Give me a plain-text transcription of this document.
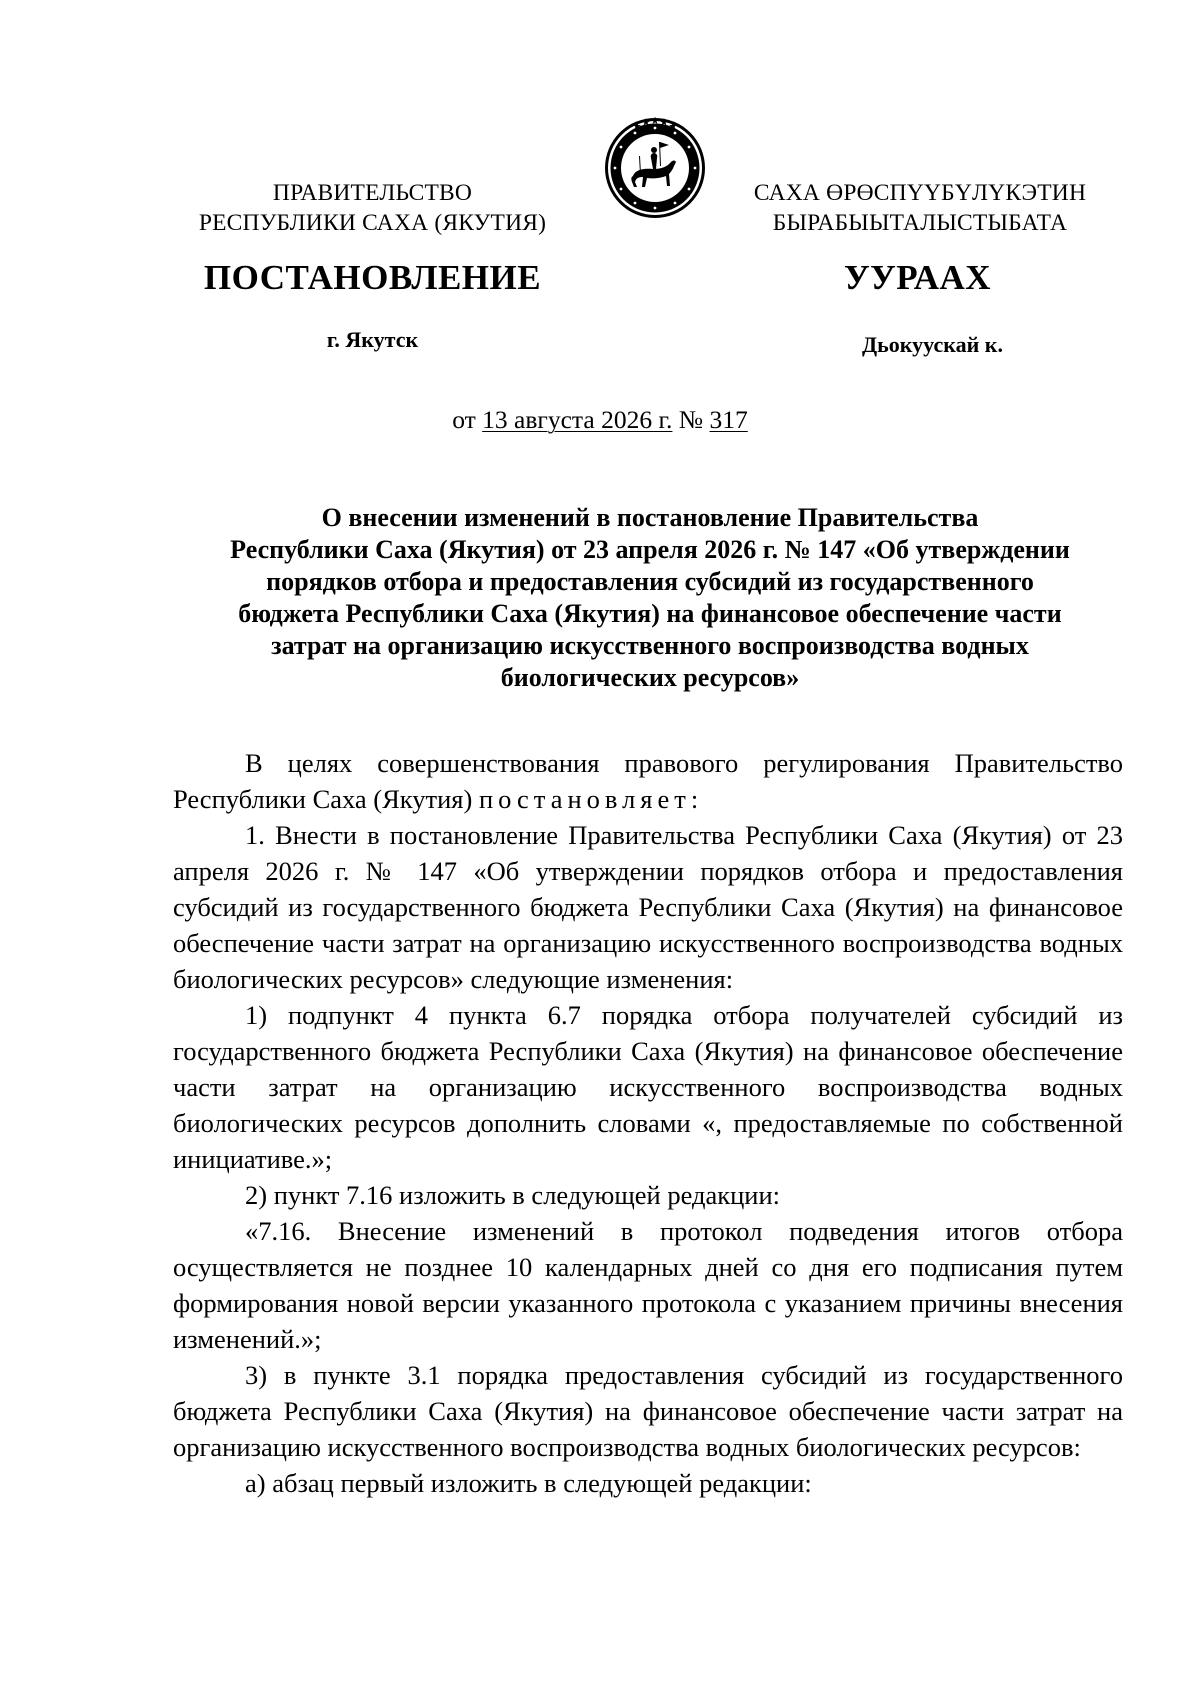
ПРАВИТЕЛЬСТВО
РЕСПУБЛИКИ САХА (ЯКУТИЯ)
САХА ӨРӨСПҮҮБҮЛҮКЭТИН
БЫРАБЫЫТАЛЫСТЫБАТА
ПОСТАНОВЛЕНИЕ	УУРААХ
г. Якутск	Дьокуускай к.
от 13 августа 2026 г. № 317
О внесении изменений в постановление Правительства
Республики Саха (Якутия) от 23 апреля 2026 г. № 147 «Об утверждении
порядков отбора и предоставления субсидий из государственного
бюджета Республики Саха (Якутия) на финансовое обеспечение части
затрат на организацию искусственного воспроизводства водных
биологических ресурсов»

В целях совершенствования правового регулирования Правительство Республики Саха (Якутия) постановляет:

1. Внести в постановление Правительства Республики Саха (Якутия) от 23 апреля 2026 г. № 147 «Об утверждении порядков отбора и предоставления субсидий из государственного бюджета Республики Саха (Якутия) на финансовое обеспечение части затрат на организацию искусственного воспроизводства водных биологических ресурсов» следующие изменения:

1) подпункт 4 пункта 6.7 порядка отбора получателей субсидий из государственного бюджета Республики Саха (Якутия) на финансовое обеспечение части затрат на организацию искусственного воспроизводства водных биологических ресурсов дополнить словами «, предоставляемые по собственной инициативе.»;

2) пункт 7.16 изложить в следующей редакции:

«7.16. Внесение изменений в протокол подведения итогов отбора осуществляется не позднее 10 календарных дней со дня его подписания путем формирования новой версии указанного протокола с указанием причины внесения изменений.»;

3) в пункте 3.1 порядка предоставления субсидий из государственного бюджета Республики Саха (Якутия) на финансовое обеспечение части затрат на организацию искусственного воспроизводства водных биологических ресурсов:

а) абзац первый изложить в следующей редакции:
